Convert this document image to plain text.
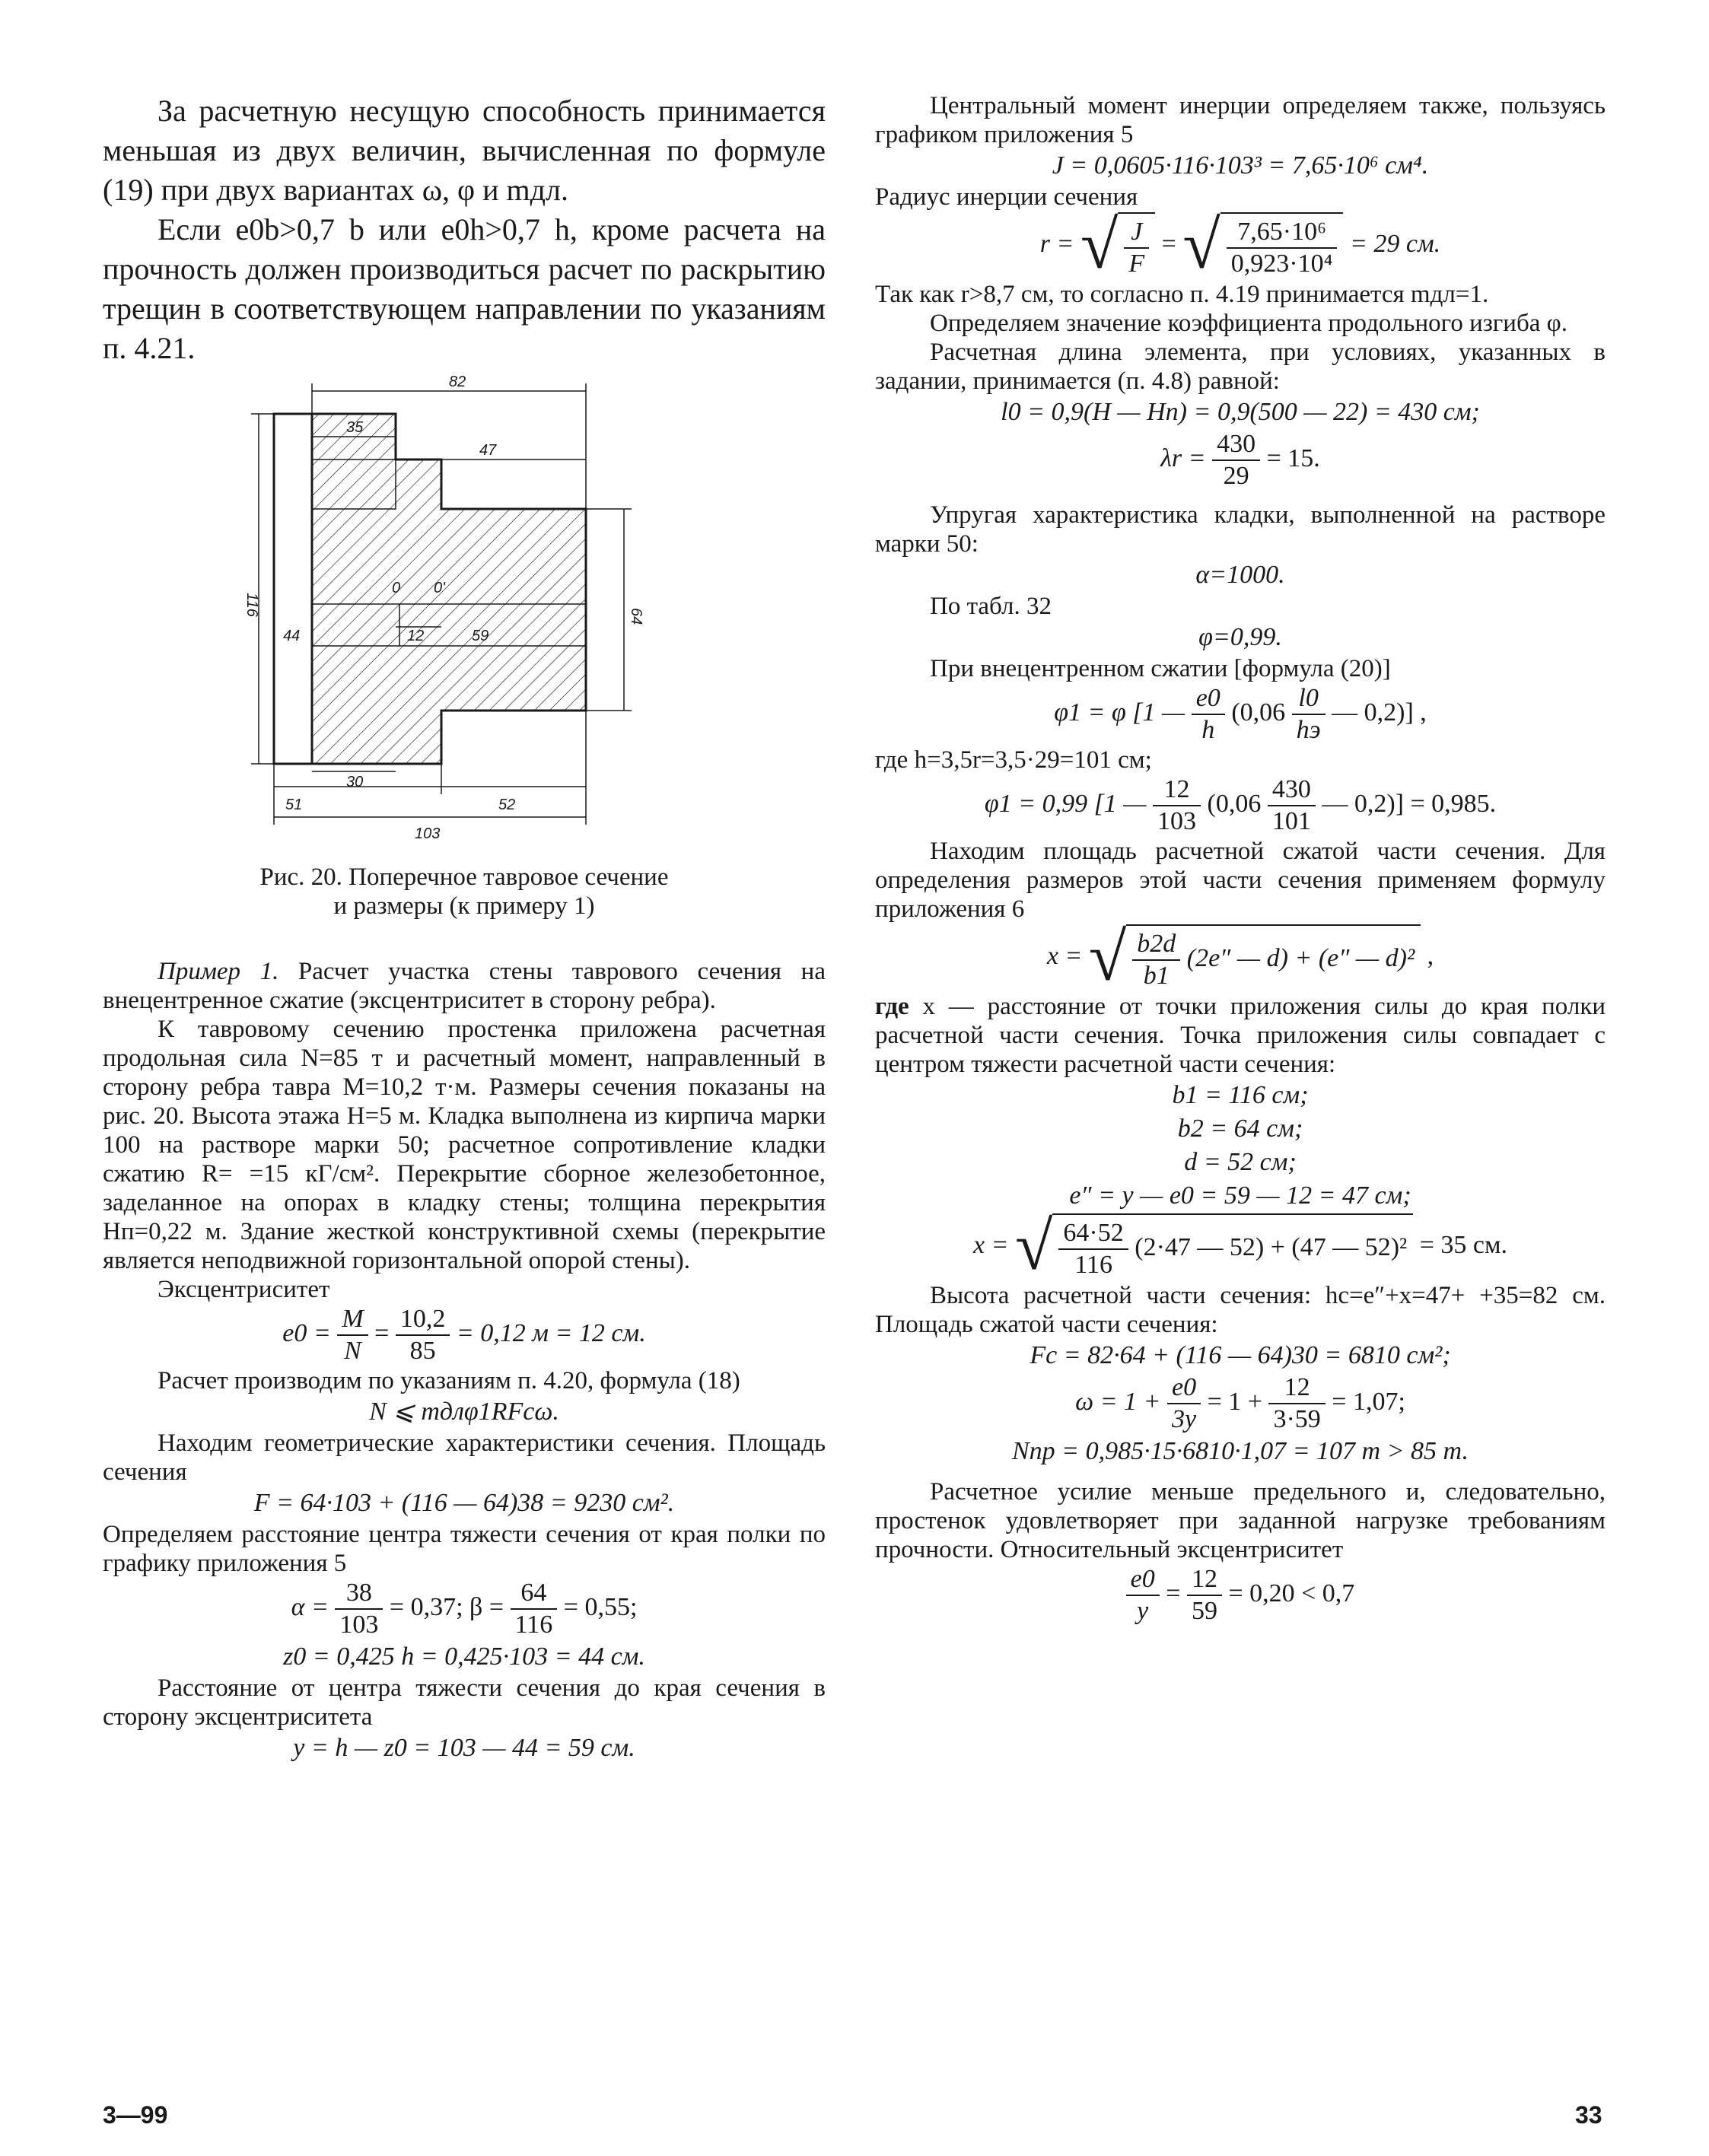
За расчетную несущую способность принимается меньшая из двух величин, вычисленная по формуле (19) при двух вариантах ω, φ и mдл.

Если e0b>0,7 b или e0h>0,7 h, кроме расчета на прочность должен производиться расчет по раскрытию трещин в соответствующем направлении по указаниям п. 4.21.

82
35
47
116	64
44	12	59
0 0'
51
30
52
103

Рис. 20. Поперечное тавровое сечение и размеры (к примеру 1)

Пример 1. Расчет участка стены таврового сечения на внецентренное сжатие (эксцентриситет в сторону ребра).

К тавровому сечению простенка приложена расчетная продольная сила N=85 т и расчетный момент, направленный в сторону ребра тавра M=10,2 т·м. Размеры сечения показаны на рис. 20. Высота этажа H=5 м. Кладка выполнена из кирпича марки 100 на растворе марки 50; расчетное сопротивление кладки сжатию R= =15 кГ/см². Перекрытие сборное железобетонное, заделанное на опорах в кладку стены; толщина перекрытия Hп=0,22 м. Здание жесткой конструктивной схемы (перекрытие является неподвижной горизонтальной опорой стены).

Эксцентриситет

$e0 = \frac{M}{N} = \frac{10,2}{85} = 0,12$ м = 12 см.

Расчет производим по указаниям п. 4.20, формула (18)

N ⩽ mдлφ1RFcω.

Находим геометрические характеристики сечения. Площадь сечения

F = 64·103 + (116 — 64)38 = 9230 см².

Определяем расстояние центра тяжести сечения от края полки по графику приложения 5

$\alpha = \frac{38}{103} = 0,37$; $\beta = \frac{64}{116} = 0,55$;
z0 = 0,425 h = 0,425·103 = 44 см.

Расстояние от центра тяжести сечения до края сечения в сторону эксцентриситета

y = h — z0 = 103 — 44 = 59 см.

Центральный момент инерции определяем также, пользуясь графиком приложения 5

J = 0,0605·116·103³ = 7,65·10⁶ см⁴.

Радиус инерции сечения

r = √ $\frac{J}{F}$ = √ $\frac{\text{7,65·10⁶}}{\text{0,923·10⁴}} = 29$ см.

Так как r>8,7 см, то согласно п. 4.19 принимается mдл=1.

Определяем значение коэффициента продольного изгиба φ.

Расчетная длина элемента, при условиях, указанных в задании, принимается (п. 4.8) равной:

l0 = 0,9(H — Hп) = 0,9(500 — 22) = 430 см;
$\lambda r = \frac{430}{29} = 15$.

Упругая характеристика кладки, выполненной на растворе марки 50:

α=1000.

По табл. 32

φ=0,99.

При внецентренном сжатии [формула (20)]

φ1 = φ [1 — $\frac{e0}{h} (0,06 \frac{l0}{hэ}$ — 0,2)] ,

где h=3,5r=3,5·29=101 см;

φ1 = 0,99 [1 — $\frac{12}{103} (0,06 \frac{430}{101}$ — 0,2)] = 0,985.

Находим площадь расчетной сжатой части сечения. Для определения размеров этой части сечения применяем формулу приложения 6

x = √ $\frac{b2d}{b1} (2e''$ — d) + (e″ — d)² ,

где x — расстояние от точки приложения силы до края полки расчетной части сечения. Точка приложения силы совпадает с центром тяжести расчетной части сечения:

b1 = 116 см;
b2 = 64 см;
d = 52 см;
e″ = y — e0 = 59 — 12 = 47 см;
x = √ $\frac{64\cdot 52}{116} (2\cdot 47$ — 52) + (47 — 52)² = 35 см.

Высота расчетной части сечения: hc=e″+x=47+ +35=82 см. Площадь сжатой части сечения:

Fc = 82·64 + (116 — 64)30 = 6810 см²;
$\omega = 1 + \frac{e0}{3y} = 1 + \frac{12}{3\cdot 59} = 1,07$;
Nпр = 0,985·15·6810·1,07 = 107 т > 85 т.

Расчетное усилие меньше предельного и, следовательно, простенок удовлетворяет при заданной нагрузке требованиям прочности. Относительный эксцентриситет

$\frac{e0}{y} = \frac{12}{59} = 0,20 < 0,7$
3—99	33
